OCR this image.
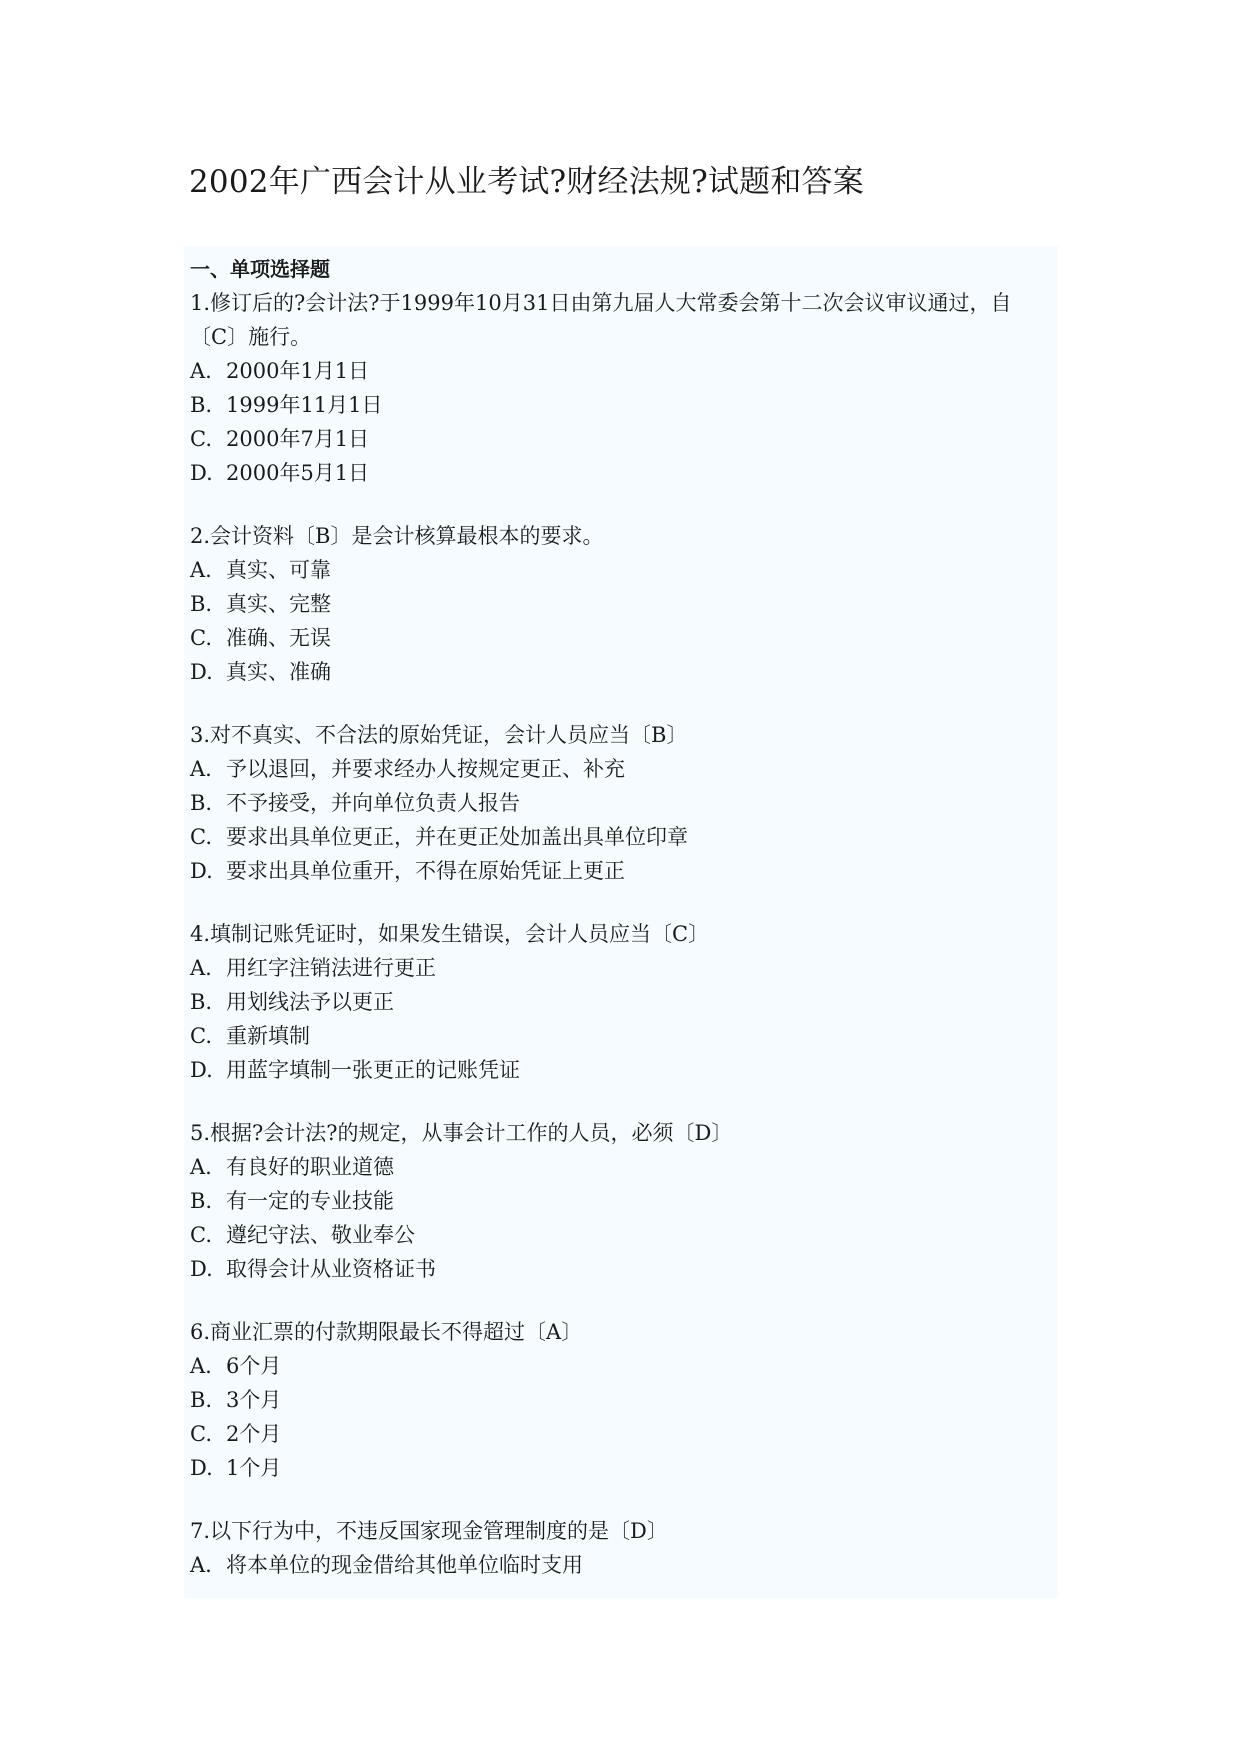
2002年广西会计从业考试?财经法规?试题和答案

一、单项选择题

1.修订后的?会计法?于1999年10月31日由第九届人大常委会第十二次会议审议通过，自〔C〕施行。

A. 2000年1月1日

B. 1999年11月1日

C. 2000年7月1日

D. 2000年5月1日

2.会计资料〔B〕是会计核算最根本的要求。

A. 真实、可靠

B. 真实、完整

C. 准确、无误

D. 真实、准确

3.对不真实、不合法的原始凭证，会计人员应当〔B〕

A. 予以退回，并要求经办人按规定更正、补充

B. 不予接受，并向单位负责人报告

C. 要求出具单位更正，并在更正处加盖出具单位印章

D. 要求出具单位重开，不得在原始凭证上更正

4.填制记账凭证时，如果发生错误，会计人员应当〔C〕

A. 用红字注销法进行更正

B. 用划线法予以更正

C. 重新填制

D. 用蓝字填制一张更正的记账凭证

5.根据?会计法?的规定，从事会计工作的人员，必须〔D〕

A. 有良好的职业道德

B. 有一定的专业技能

C. 遵纪守法、敬业奉公

D. 取得会计从业资格证书

6.商业汇票的付款期限最长不得超过〔A〕

A. 6个月

B. 3个月

C. 2个月

D. 1个月

7.以下行为中，不违反国家现金管理制度的是〔D〕

A. 将本单位的现金借给其他单位临时支用
